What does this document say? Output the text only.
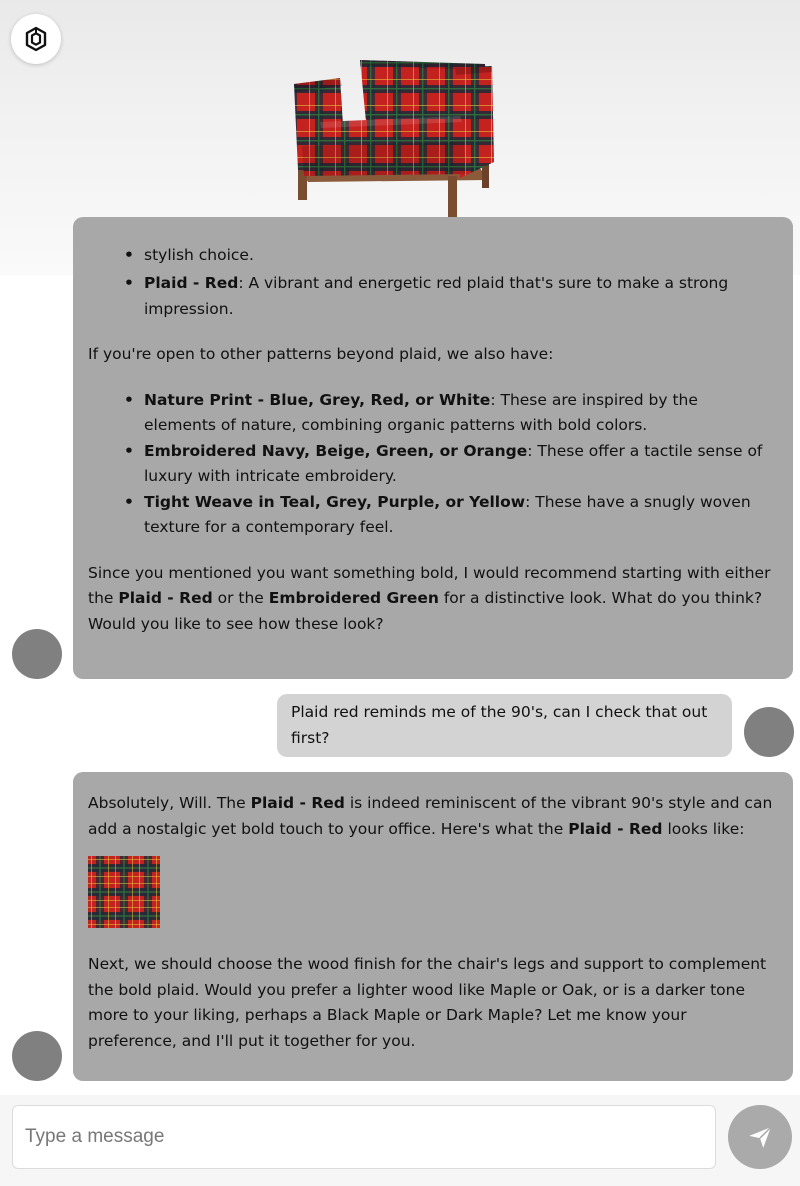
• stylish choice.
• Plaid - Red: A vibrant and energetic red plaid that's sure to make a strong impression.

If you're open to other patterns beyond plaid, we also have:

• Nature Print - Blue, Grey, Red, or White: These are inspired by the elements of nature, combining organic patterns with bold colors.
• Embroidered Navy, Beige, Green, or Orange: These offer a tactile sense of luxury with intricate embroidery.
• Tight Weave in Teal, Grey, Purple, or Yellow: These have a snugly woven texture for a contemporary feel.

Since you mentioned you want something bold, I would recommend starting with either the Plaid - Red or the Embroidered Green for a distinctive look. What do you think? Would you like to see how these look?

Plaid red reminds me of the 90's, can I check that out first?

Absolutely, Will. The Plaid - Red is indeed reminiscent of the vibrant 90's style and can add a nostalgic yet bold touch to your office. Here's what the Plaid - Red looks like:

Next, we should choose the wood finish for the chair's legs and support to complement the bold plaid. Would you prefer a lighter wood like Maple or Oak, or is a darker tone more to your liking, perhaps a Black Maple or Dark Maple? Let me know your preference, and I'll put it together for you.

Type a message
